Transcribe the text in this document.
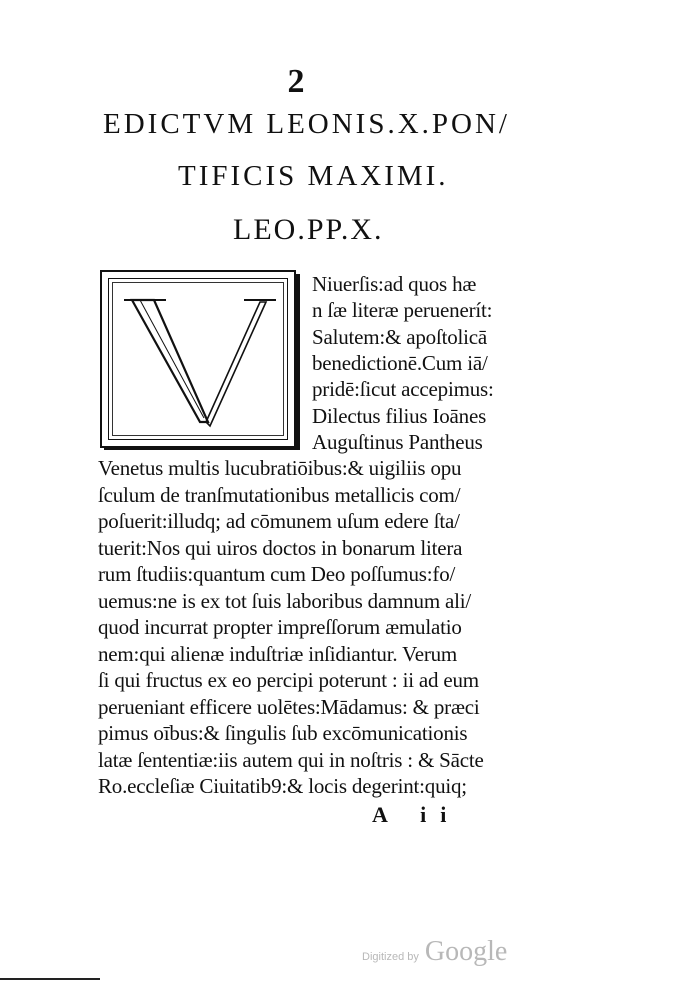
2
EDICTVM LEONIS.X.PON/
TIFICIS MAXIMI.
LEO.PP.X.
Niuerſis:ad quos hæ
n ſæ literæ peruenerít:
Salutem:& apoſtolicā
benedictionē.Cum iā/
pridē:ſicut accepimus:
Dilectus filius Ioānes
Auguſtinus Pantheus
Venetus multis lucubratiōibus:& uigiliis opu
ſculum de tranſmutationibus metallicis com/
poſuerit:illudq; ad cōmunem uſum edere ſta/
tuerit:Nos qui uiros doctos in bonarum litera
rum ſtudiis:quantum cum Deo poſſumus:fo/
uemus:ne is ex tot ſuis laboribus damnum ali/
quod incurrat propter impreſſorum æmulatio
nem:qui alienæ induſtriæ inſidiantur. Verum
ſi qui fructus ex eo percipi poterunt : ii ad eum
perueniant efficere uolētes:Mādamus: & præci
pimus oībus:& ſingulis ſub excōmunicationis
latæ ſententiæ:iis autem qui in noſtris : & Sācte
Ro.eccleſiæ Ciuitatib9:& locis degerint:quiq;
A ii
Digitized by Google
